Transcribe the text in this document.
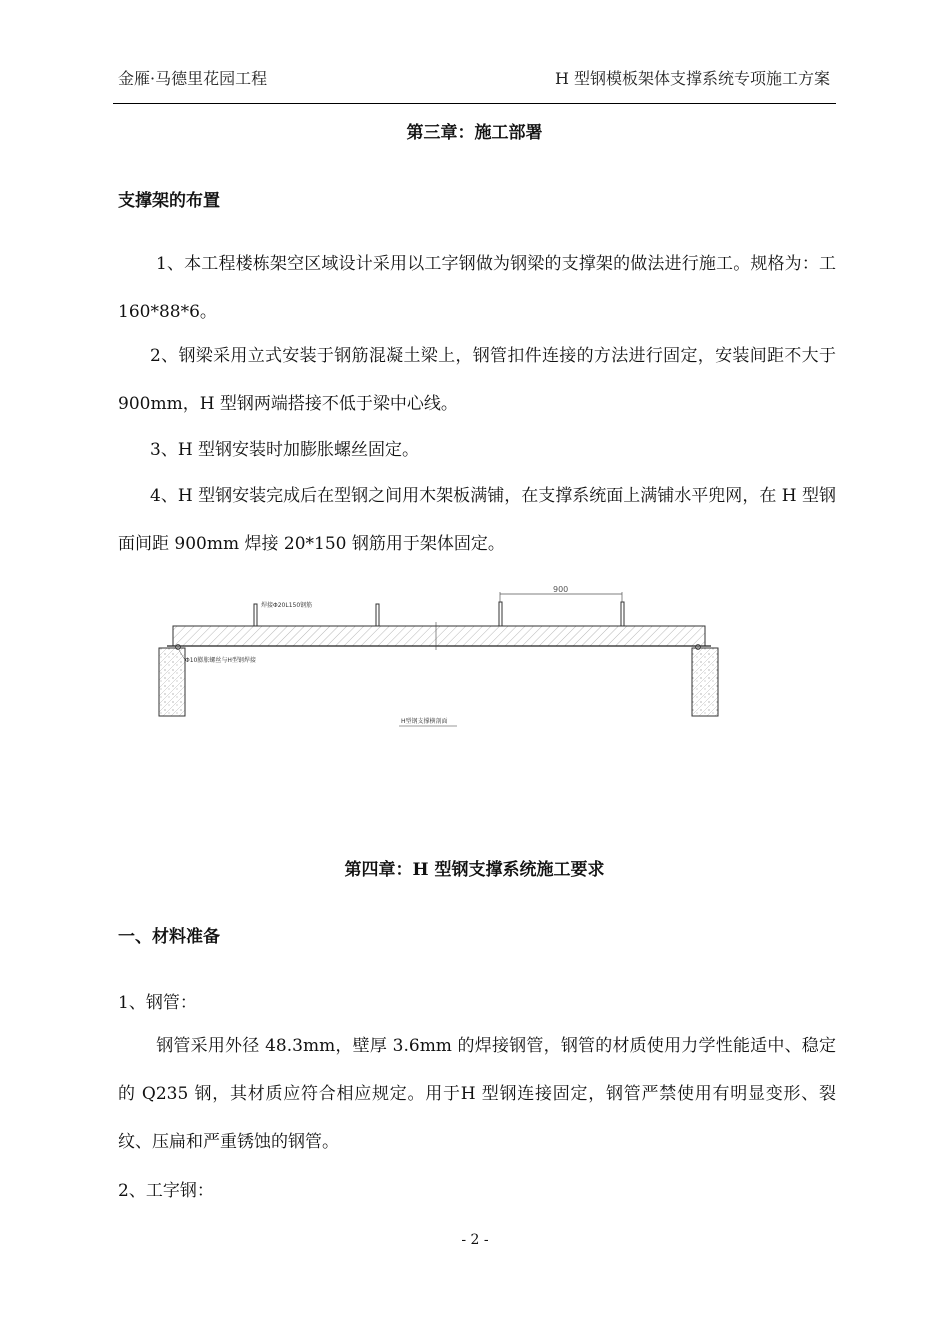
金雁·马德里花园工程	H 型钢模板架体支撑系统专项施工方案
第三章：施工部署
支撑架的布置
1、本工程楼栋架空区域设计采用以工字钢做为钢梁的支撑架的做法进行施工。规格为：工 160*88*6。
2、钢梁采用立式安装于钢筋混凝土梁上，钢管扣件连接的方法进行固定，安装间距不大于 900mm，H 型钢两端搭接不低于梁中心线。
3、H 型钢安装时加膨胀螺丝固定。
4、H 型钢安装完成后在型钢之间用木架板满铺，在支撑系统面上满铺水平兜网，在 H 型钢面间距 900mm 焊接 20*150 钢筋用于架体固定。
900
焊接Φ20L150钢筋
Φ10膨胀螺丝与H型钢焊接
H型钢支撑横剖面
第四章：H 型钢支撑系统施工要求
一、材料准备
1、钢管：
钢管采用外径 48.3mm，壁厚 3.6mm 的焊接钢管，钢管的材质使用力学性能适中、稳定的 Q235 钢，其材质应符合相应规定。用于H 型钢连接固定，钢管严禁使用有明显变形、裂纹、压扁和严重锈蚀的钢管。
2、工字钢：
- 2 -
